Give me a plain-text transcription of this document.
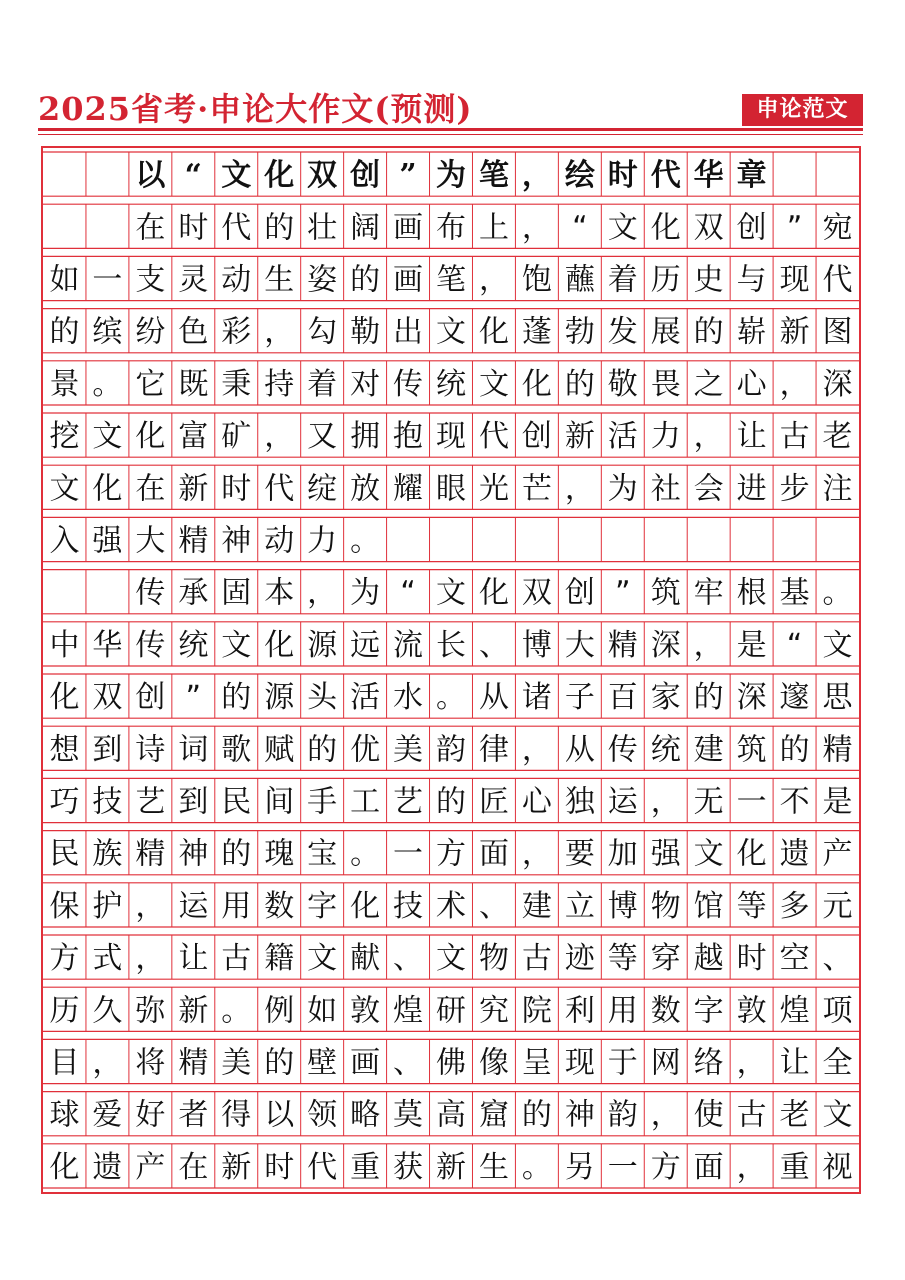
2025省考·申论大作文(预测)	申论范文
以 “ 文 化 双 创 ” 为 笔 ， 绘 时 代 华 章
在 时 代 的 壮 阔 画 布 上 ， “ 文 化 双 创 ” 宛
如 一 支 灵 动 生 姿 的 画 笔 ， 饱 蘸 着 历 史 与 现 代
的 缤 纷 色 彩 ， 勾 勒 出 文 化 蓬 勃 发 展 的 崭 新 图
景 。 它 既 秉 持 着 对 传 统 文 化 的 敬 畏 之 心 ， 深
挖 文 化 富 矿 ， 又 拥 抱 现 代 创 新 活 力 ， 让 古 老
文 化 在 新 时 代 绽 放 耀 眼 光 芒 ， 为 社 会 进 步 注
入 强 大 精 神 动 力 。
传 承 固 本 ， 为 “ 文 化 双 创 ” 筑 牢 根 基 。
中 华 传 统 文 化 源 远 流 长 、 博 大 精 深 ， 是 “ 文
化 双 创 ” 的 源 头 活 水 。 从 诸 子 百 家 的 深 邃 思
想 到 诗 词 歌 赋 的 优 美 韵 律 ， 从 传 统 建 筑 的 精
巧 技 艺 到 民 间 手 工 艺 的 匠 心 独 运 ， 无 一 不 是
民 族 精 神 的 瑰 宝 。 一 方 面 ， 要 加 强 文 化 遗 产
保 护 ， 运 用 数 字 化 技 术 、 建 立 博 物 馆 等 多 元
方 式 ， 让 古 籍 文 献 、 文 物 古 迹 等 穿 越 时 空 、
历 久 弥 新 。 例 如 敦 煌 研 究 院 利 用 数 字 敦 煌 项
目 ， 将 精 美 的 壁 画 、 佛 像 呈 现 于 网 络 ， 让 全
球 爱 好 者 得 以 领 略 莫 高 窟 的 神 韵 ， 使 古 老 文
化 遗 产 在 新 时 代 重 获 新 生 。 另 一 方 面 ， 重 视
